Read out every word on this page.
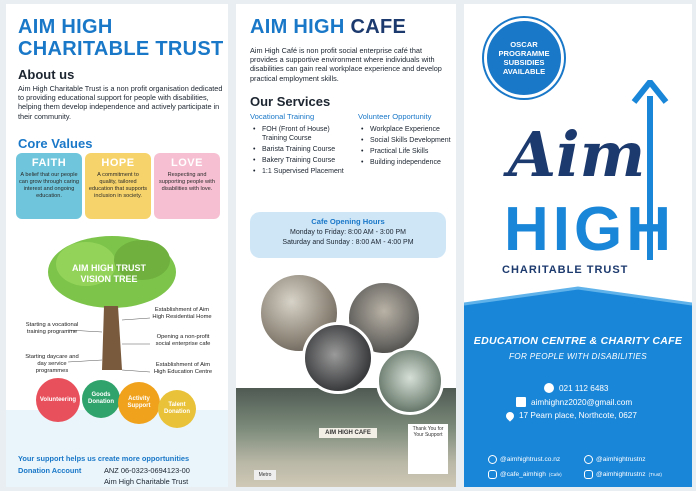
AIM HIGH
CHARITABLE TRUST
About us
Aim High Charitable Trust is a non profit organisation dedicated to providing educational support for people with disabilities, helping them develop independence and actively participate in their community.
Core Values
FAITH
A belief that our people can grow through caring interest and ongoing education.
HOPE
A commitment to quality, tailored education that supports inclusion in society.
LOVE
Respecting and supporting people with disabilities with love.
AIM HIGH TRUST
VISION TREE
Starting a vocational training programme
Starting daycare and day service programmes
Establishment of Aim High Residential Home
Opening a non-profit social enterprise cafe
Establishment of Aim High Education Centre
Volunteering
Goods Donation	Activity Support	Talent Donation
Your support helps us create more opportunities
Donation Account	ANZ 06-0323-0694123-00
Aim High Charitable Trust
AIM HIGH CAFE
Aim High Café is non profit social enterprise café that provides a supportive environment where individuals with disabilities can gain real workplace experience and develop practical employment skills.
Our Services
Vocational Training	Volunteer Opportunity
• FOH (Front of House) Training Course
• Barista Training Course
• Bakery Training Course
• 1:1 Supervised Placement
• Workplace Experience
• Social Skills Development
• Practical Life Skills
• Building independence
Cafe Opening Hours
Monday to Friday: 8:00 AM - 3:00 PM
Saturday and Sunday : 8:00 AM - 4:00 PM
AIM HIGH CAFE
Thank You for Your Support
Metro
OSCAR
PROGRAMME
SUBSIDIES
AVAILABLE
Aim
HIGH
CHARITABLE TRUST
EDUCATION CENTRE & CHARITY CAFE
FOR PEOPLE WITH DISABILITIES
021 112 6483
aimhighnz2020@gmail.com
17 Pearn place, Northcote, 0627
@aimhightrust.co.nz	@aimhightrustnz
@cafe_aimhigh (Cafe)	@aimhightrustnz (Trust)
